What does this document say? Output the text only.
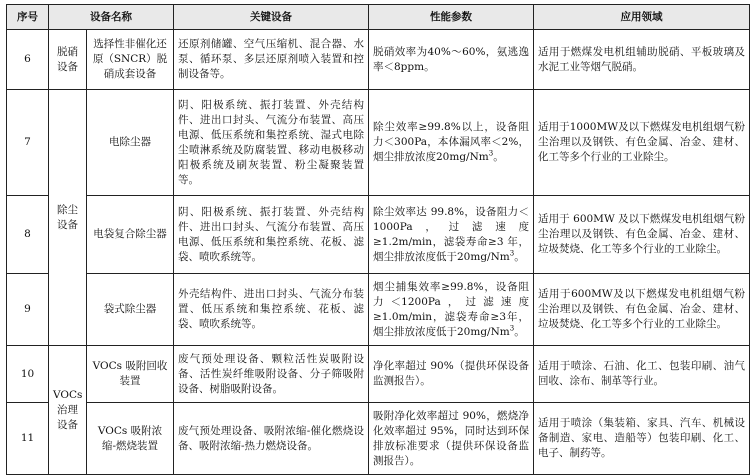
序号	设备名称		关键设备	性能参数	应用领域
6	脱硝设备	选择性非催化还原（SNCR）脱硝成套设备	还原剂储罐、空气压缩机、混合器、水泵、循环泵、多层还原剂喷入装置和控制设备等。	脱硝效率为40%～60%，氨逃逸率＜8ppm。	适用于燃煤发电机组辅助脱硝、平板玻璃及水泥工业等烟气脱硝。
7	除尘设备	电除尘器	阴、阳极系统、振打装置、外壳结构件、进出口封头、气流分布装置、高压电源、低压系统和集控系统、湿式电除尘喷淋系统及防腐装置、移动电极移动阳极系统及刷灰装置、粉尘凝聚装置等。	除尘效率≥99.8%以上，设备阻力＜300Pa，本体漏风率＜2%，烟尘排放浓度20mg/Nm$^3$。	适用于1000MW及以下燃煤发电机组烟气粉尘治理以及钢铁、有色金属、冶金、建材、化工等多个行业的工业除尘。
8		电袋复合除尘器	阴、阳极系统、振打装置、外壳结构件、进出口封头、气流分布装置、高压电源、低压系统和集控系统、花板、滤袋、喷吹系统等。	除尘效率达 99.8%，设备阻力＜1000Pa，过滤速度≥1.2m/min，滤袋寿命≥3 年，烟尘排放浓度低于20mg/Nm$^3$。	适用于 600MW 及以下燃煤发电机组烟气粉尘治理以及钢铁、有色金属、冶金、建材、垃圾焚烧、化工等多个行业的工业除尘。
9		袋式除尘器	外壳结构件、进出口封头、气流分布装置、低压系统和集控系统、花板、滤袋、喷吹系统等。	烟尘捕集效率≥99.8%，设备阻力＜1200Pa，过滤速度≥1.0m/min，滤袋寿命≥3年，烟尘排放浓度低于20mg/Nm$^3$。	适用于600MW及以下燃煤发电机组烟气粉尘治理以及钢铁、有色金属、冶金、建材、垃圾焚烧、化工等多个行业的工业除尘。
10	VOCs治理设备	VOCs 吸附回收装置	废气预处理设备、颗粒活性炭吸附设备、活性炭纤维吸附设备、分子筛吸附设备、树脂吸附设备。	净化率超过 90%（提供环保设备监测报告）。	适用于喷涂、石油、化工、包装印刷、油气回收、涂布、制革等行业。
11		VOCs 吸附浓缩-燃烧装置	废气预处理设备、吸附浓缩-催化燃烧设备、吸附浓缩-热力燃烧设备。	吸附净化效率超过 90%，燃烧净化效率超过 95%，同时达到环保排放标准要求（提供环保设备监测报告）。	适用于喷涂（集装箱、家具、汽车、机械设备制造、家电、造船等）包装印刷、化工、电子、制药等。
